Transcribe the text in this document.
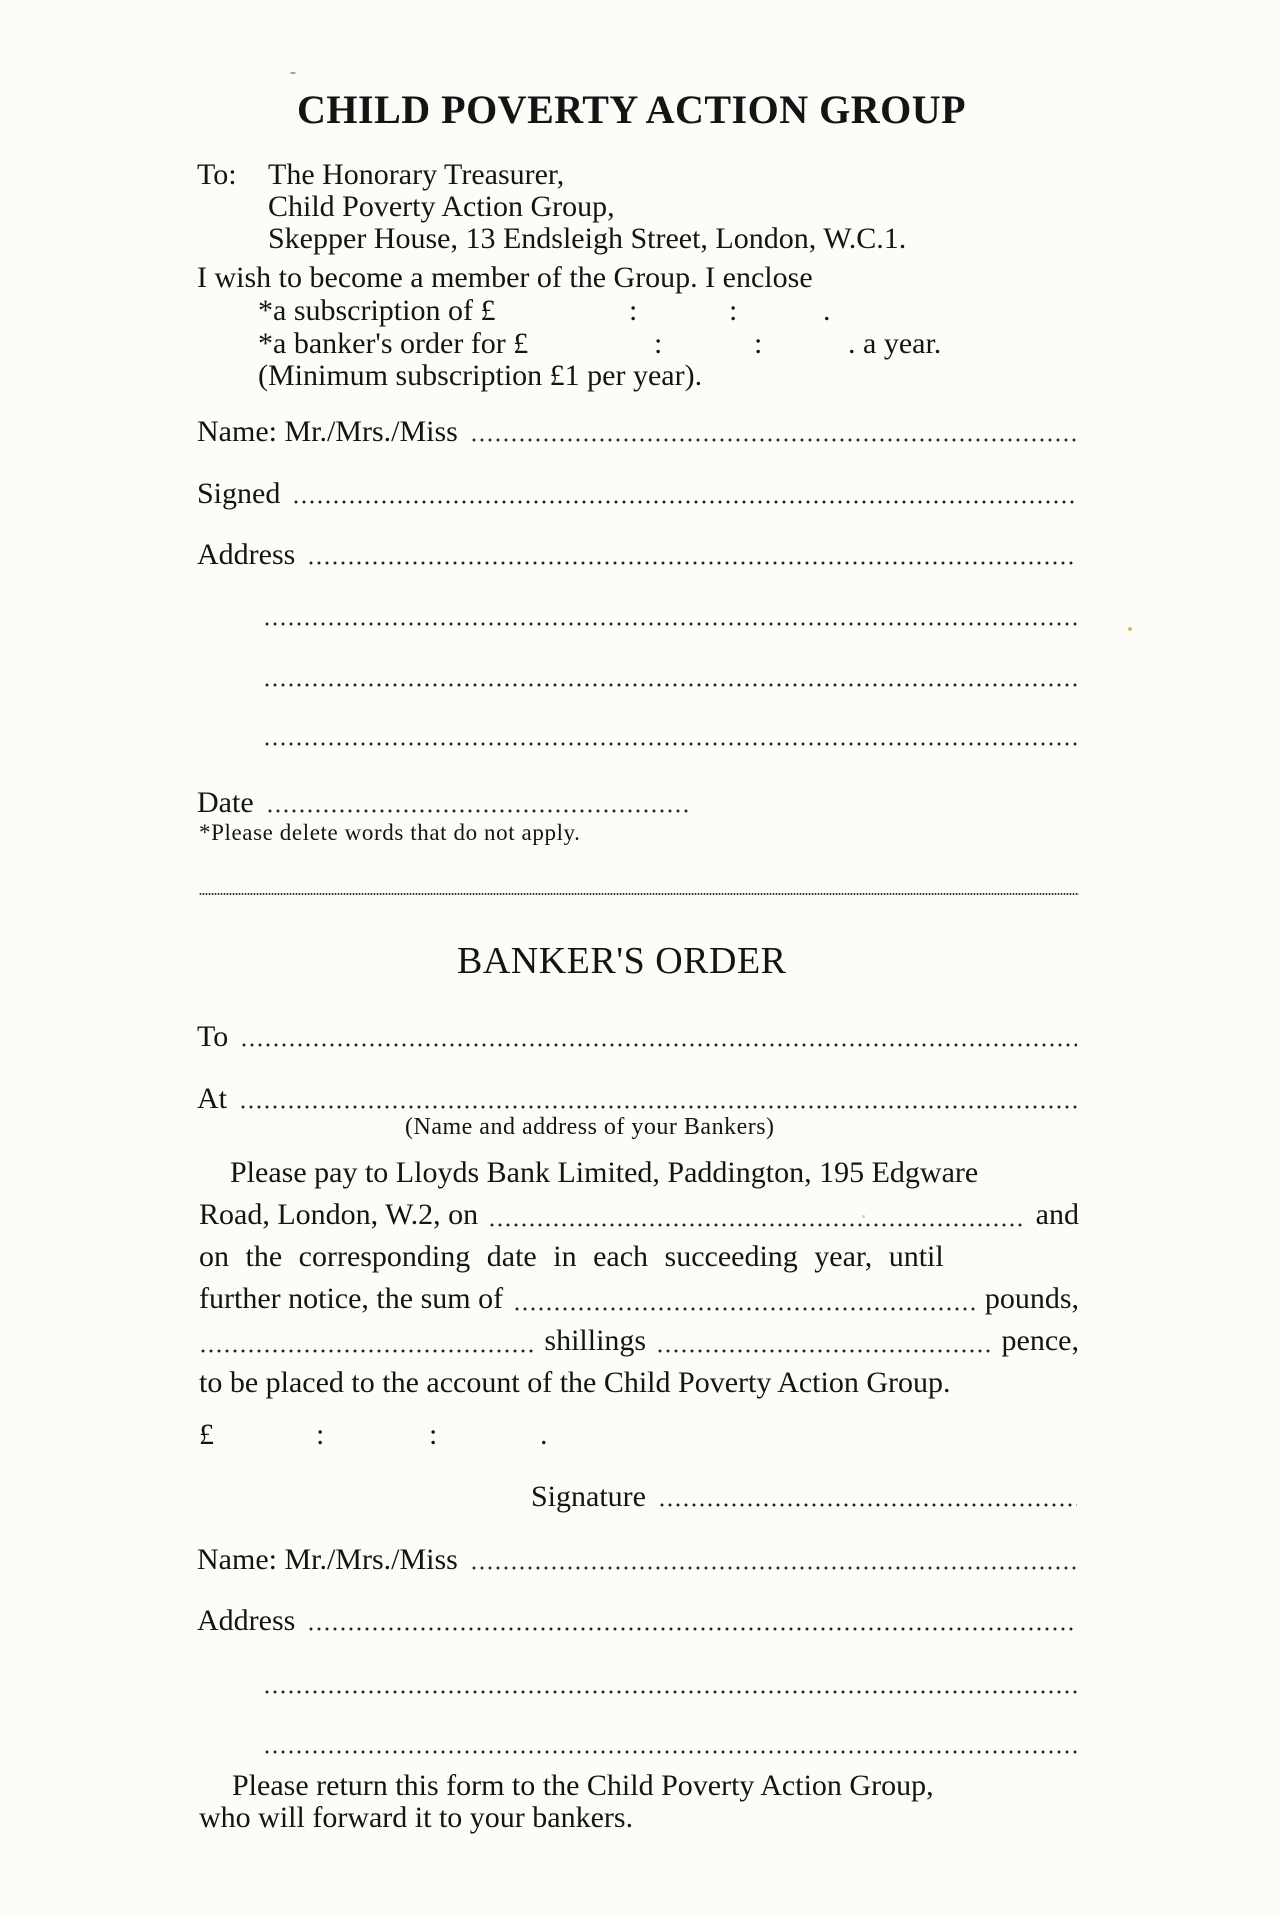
CHILD POVERTY ACTION GROUP
To: The Honorary Treasurer,
Child Poverty Action Group,
Skepper House, 13 Endsleigh Street, London, W.C.1.
I wish to become a member of the Group. I enclose
*a subscription of £	:	:	.
*a banker's order for £	:	:	. a year.
(Minimum subscription £1 per year).
Name: Mr./Mrs./Miss
Signed
Address
Date
*Please delete words that do not apply.
BANKER'S ORDER
To
At
(Name and address of your Bankers)
Please pay to Lloyds Bank Limited, Paddington, 195 Edgware
Road, London, W.2, on	and
on the corresponding date in each succeeding year, until
further notice, the sum of	pounds,
shillings	pence,
to be placed to the account of the Child Poverty Action Group.
£	:	:	.
Signature
Name: Mr./Mrs./Miss
Address
Please return this form to the Child Poverty Action Group,
who will forward it to your bankers.
